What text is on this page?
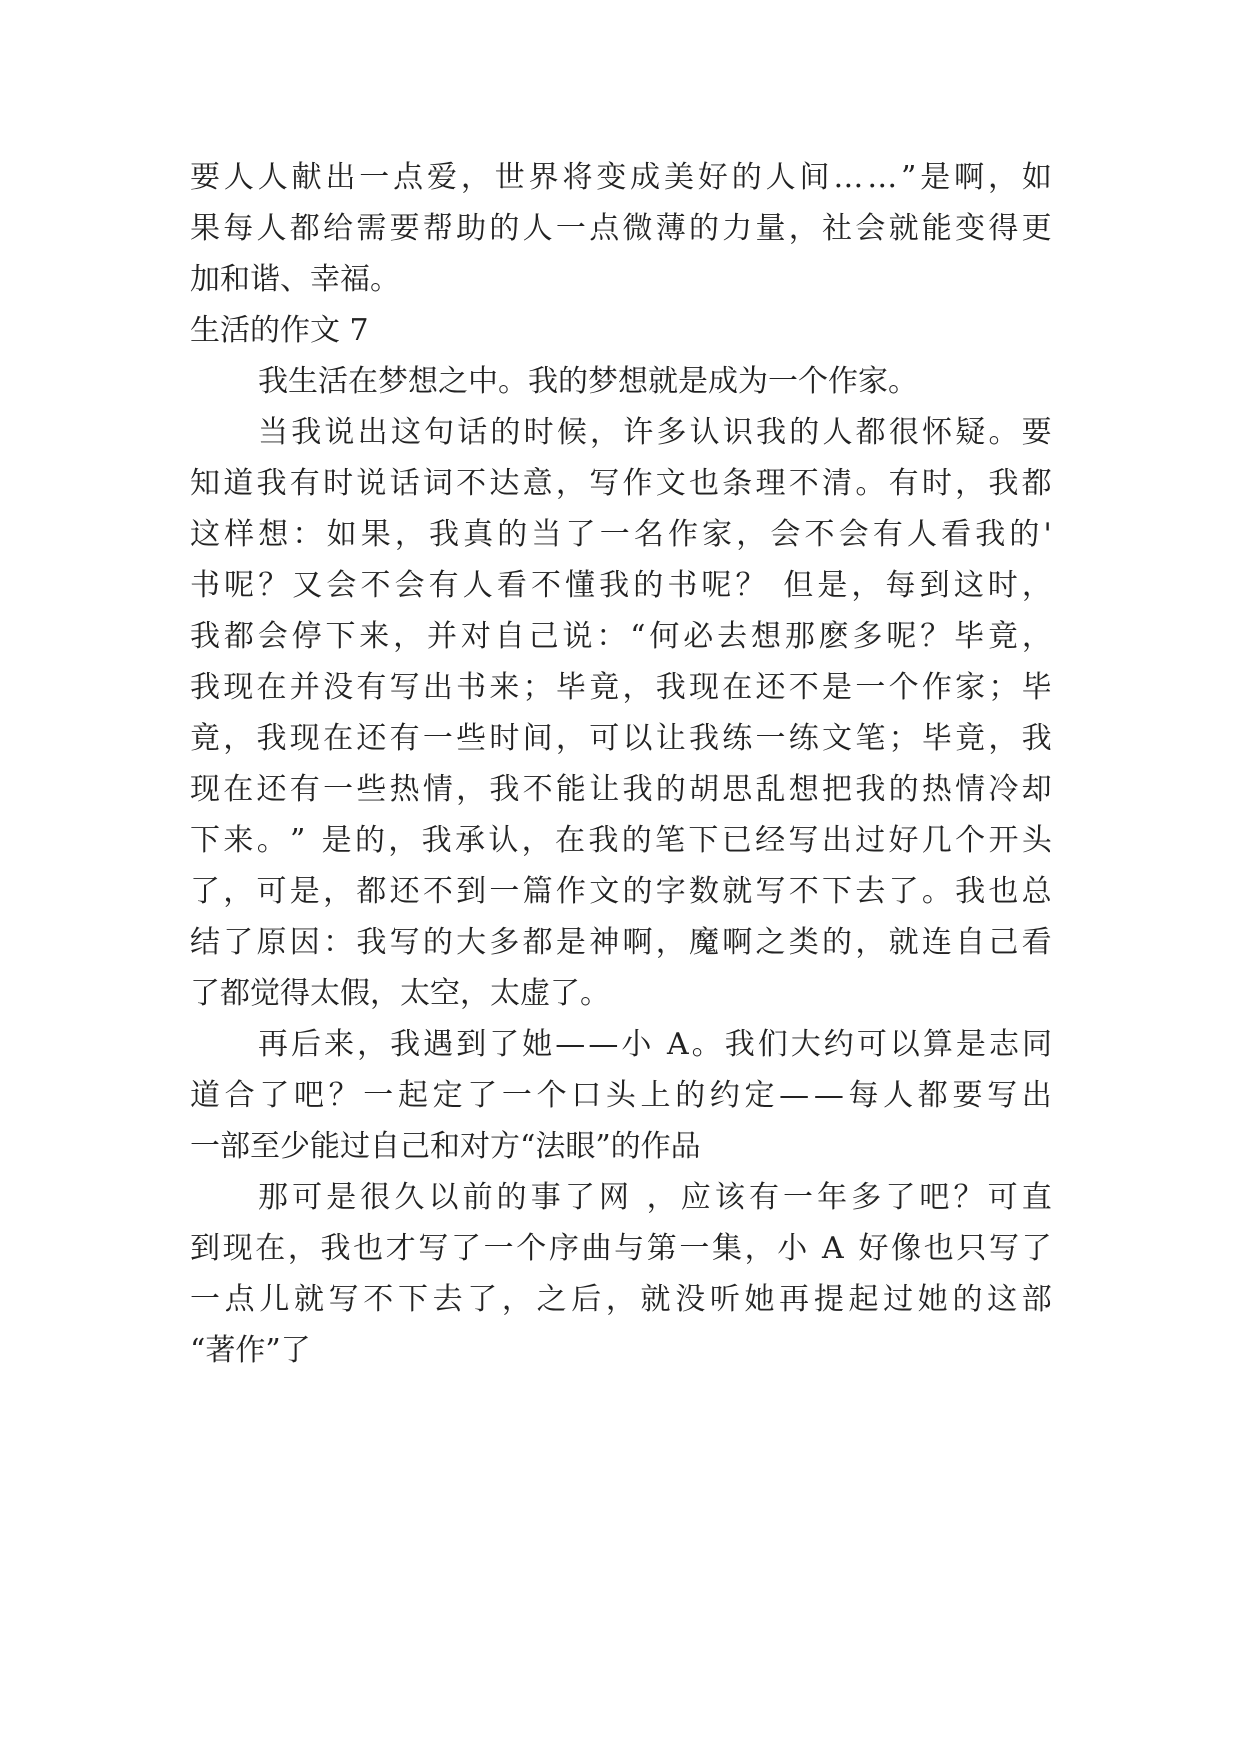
要 人 人 献 出 一 点 爱 ， 世 界 将 变 成 美 好 的 人 间 … … ” 是 啊 ， 如
果 每 人 都 给 需 要 帮 助 的 人 一 点 微 薄 的 力 量 ， 社 会 就 能 变 得 更
加和谐、幸福。
生活的作文 7
我生活在梦想之中。我的梦想就是成为一个作家。
当 我 说 出 这 句 话 的 时 候 ， 许 多 认 识 我 的 人 都 很 怀 疑 。 要
知 道 我 有 时 说 话 词 不 达 意 ， 写 作 文 也 条 理 不 清 。 有 时 ， 我 都
这 样 想 ： 如 果 ， 我 真 的 当 了 一 名 作 家 ， 会 不 会 有 人 看 我 的 '
书 呢 ？ 又 会 不 会 有 人 看 不 懂 我 的 书 呢 ？
但 是 ， 每 到 这 时 ，
我 都 会 停 下 来 ， 并 对 自 己 说 ： “ 何 必 去 想 那 麽 多 呢 ？ 毕 竟 ，
我 现 在 并 没 有 写 出 书 来 ； 毕 竟 ， 我 现 在 还 不 是 一 个 作 家 ； 毕
竟 ， 我 现 在 还 有 一 些 时 间 ， 可 以 让 我 练 一 练 文 笔 ； 毕 竟 ， 我
现 在 还 有 一 些 热 情 ， 我 不 能 让 我 的 胡 思 乱 想 把 我 的 热 情 冷 却
下 来 。 ”
是 的 ， 我 承 认 ， 在 我 的 笔 下 已 经 写 出 过 好 几 个 开 头
了 ， 可 是 ， 都 还 不 到 一 篇 作 文 的 字 数 就 写 不 下 去 了 。 我 也 总
结 了 原 因 ： 我 写 的 大 多 都 是 神 啊 ， 魔 啊 之 类 的 ， 就 连 自 己 看
了都觉得太假，太空，太虚了。
再 后 来 ， 我 遇 到 了 她 — — 小
A 。 我 们 大 约 可 以 算 是 志 同
道 合 了 吧 ？ 一 起 定 了 一 个 口 头 上 的 约 定 — — 每 人 都 要 写 出
一部至少能过自己和对方“法眼”的作品
那 可 是 很 久 以 前 的 事 了 网
， 应 该 有 一 年 多 了 吧 ？ 可 直
到 现 在 ， 我 也 才 写 了 一 个 序 曲 与 第 一 集 ， 小
A
好 像 也 只 写 了
一 点 儿 就 写 不 下 去 了 ， 之 后 ， 就 没 听 她 再 提 起 过 她 的 这 部
“著作”了
